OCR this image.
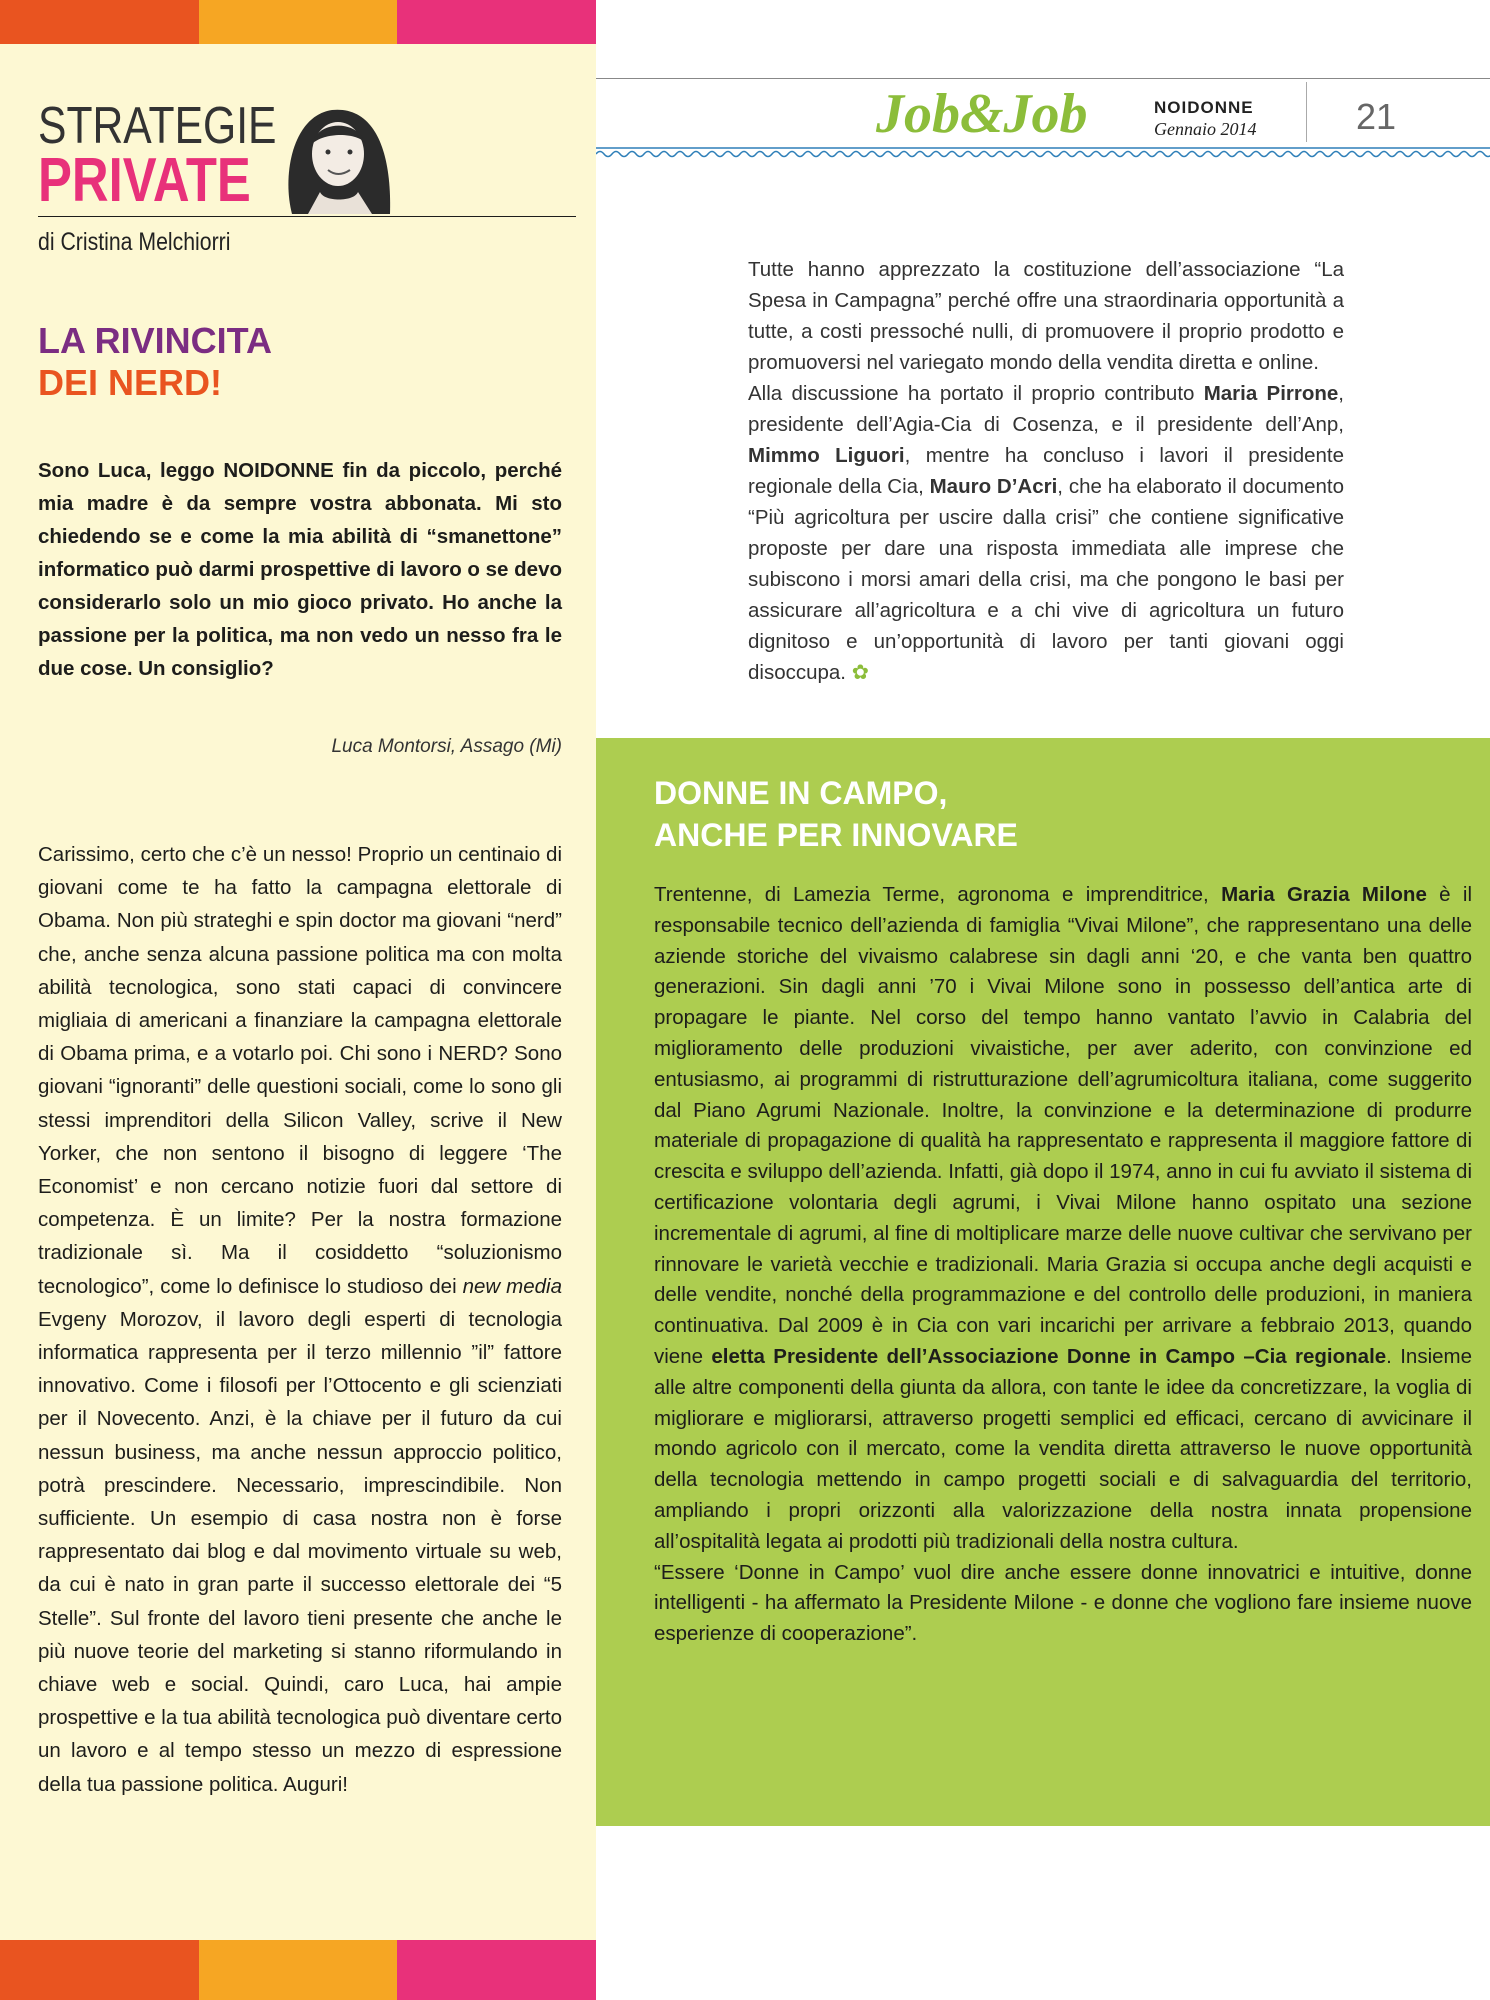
STRATEGIE
PRIVATE
di Cristina Melchiorri
LA RIVINCITA
DEI NERD!
Sono Luca, leggo NOIDONNE fin da piccolo, perché mia madre è da sempre vostra abbonata. Mi sto chiedendo se e come la mia abilità di “smanettone” informatico può darmi prospettive di lavoro o se devo considerarlo solo un mio gioco privato. Ho anche la passione per la politica, ma non vedo un nesso fra le due cose. Un consiglio?
Luca Montorsi, Assago (Mi)
Carissimo, certo che c’è un nesso! Proprio un centinaio di giovani come te ha fatto la campagna elettorale di Obama. Non più strateghi e spin doctor ma giovani “nerd” che, anche senza alcuna passione politica ma con molta abilità tecnologica, sono stati capaci di convincere migliaia di americani a finanziare la campagna elettorale di Obama prima, e a votarlo poi. Chi sono i NERD? Sono giovani “ignoranti” delle questioni sociali, come lo sono gli stessi imprenditori della Silicon Valley, scrive il New Yorker, che non sentono il bisogno di leggere ‘The Economist’ e non cercano notizie fuori dal settore di competenza. È un limite? Per la nostra formazione tradizionale sì. Ma il cosiddetto “soluzionismo tecnologico”, come lo definisce lo studioso dei new media Evgeny Morozov, il lavoro degli esperti di tecnologia informatica rappresenta per il terzo millennio ”il” fattore innovativo. Come i filosofi per l’Ottocento e gli scienziati per il Novecento. Anzi, è la chiave per il futuro da cui nessun business, ma anche nessun approccio politico, potrà prescindere. Necessario, imprescindibile. Non sufficiente. Un esempio di casa nostra non è forse rappresentato dai blog e dal movimento virtuale su web, da cui è nato in gran parte il successo elettorale dei “5 Stelle”. Sul fronte del lavoro tieni presente che anche le più nuove teorie del marketing si stanno riformulando in chiave web e social. Quindi, caro Luca, hai ampie prospettive e la tua abilità tecnologica può diventare certo un lavoro e al tempo stesso un mezzo di espressione della tua passione politica. Auguri!
Job&Job	NOIDONNE
Gennaio 2014	21

Tutte hanno apprezzato la costituzione dell’associazione “La Spesa in Campagna” perché offre una straordinaria opportunità a tutte, a costi pressoché nulli, di promuovere il proprio prodotto e promuoversi nel variegato mondo della vendita diretta e online.

Alla discussione ha portato il proprio contributo Maria Pirrone, presidente dell’Agia-Cia di Cosenza, e il presidente dell’Anp, Mimmo Liguori, mentre ha concluso i lavori il presidente regionale della Cia, Mauro D’Acri, che ha elaborato il documento “Più agricoltura per uscire dalla crisi” che contiene significative proposte per dare una risposta immediata alle imprese che subiscono i morsi amari della crisi, ma che pongono le basi per assicurare all’agricoltura e a chi vive di agricoltura un futuro dignitoso e un’opportunità di lavoro per tanti giovani oggi disoccupa. ✿

DONNE IN CAMPO,
ANCHE PER INNOVARE

Trentenne, di Lamezia Terme, agronoma e imprenditrice, Maria Grazia Milone è il responsabile tecnico dell’azienda di famiglia “Vivai Milone”, che rappresentano una delle aziende storiche del vivaismo calabrese sin dagli anni ‘20, e che vanta ben quattro generazioni. Sin dagli anni ’70 i Vivai Milone sono in possesso dell’antica arte di propagare le piante. Nel corso del tempo hanno vantato l’avvio in Calabria del miglioramento delle produzioni vivaistiche, per aver aderito, con convinzione ed entusiasmo, ai programmi di ristrutturazione dell’agrumicoltura italiana, come suggerito dal Piano Agrumi Nazionale. Inoltre, la convinzione e la determinazione di produrre materiale di propagazione di qualità ha rappresentato e rappresenta il maggiore fattore di crescita e sviluppo dell’azienda. Infatti, già dopo il 1974, anno in cui fu avviato il sistema di certificazione volontaria degli agrumi, i Vivai Milone hanno ospitato una sezione incrementale di agrumi, al fine di moltiplicare marze delle nuove cultivar che servivano per rinnovare le varietà vecchie e tradizionali. Maria Grazia si occupa anche degli acquisti e delle vendite, nonché della programmazione e del controllo delle produzioni, in maniera continuativa. Dal 2009 è in Cia con vari incarichi per arrivare a febbraio 2013, quando viene eletta Presidente dell’Associazione Donne in Campo –Cia regionale. Insieme alle altre componenti della giunta da allora, con tante le idee da concretizzare, la voglia di migliorare e migliorarsi, attraverso progetti semplici ed efficaci, cercano di avvicinare il mondo agricolo con il mercato, come la vendita diretta attraverso le nuove opportunità della tecnologia mettendo in campo progetti sociali e di salvaguardia del territorio, ampliando i propri orizzonti alla valorizzazione della nostra innata propensione all’ospitalità legata ai prodotti più tradizionali della nostra cultura.

“Essere ‘Donne in Campo’ vuol dire anche essere donne innovatrici e intuitive, donne intelligenti - ha affermato la Presidente Milone - e donne che vogliono fare insieme nuove esperienze di cooperazione”.
